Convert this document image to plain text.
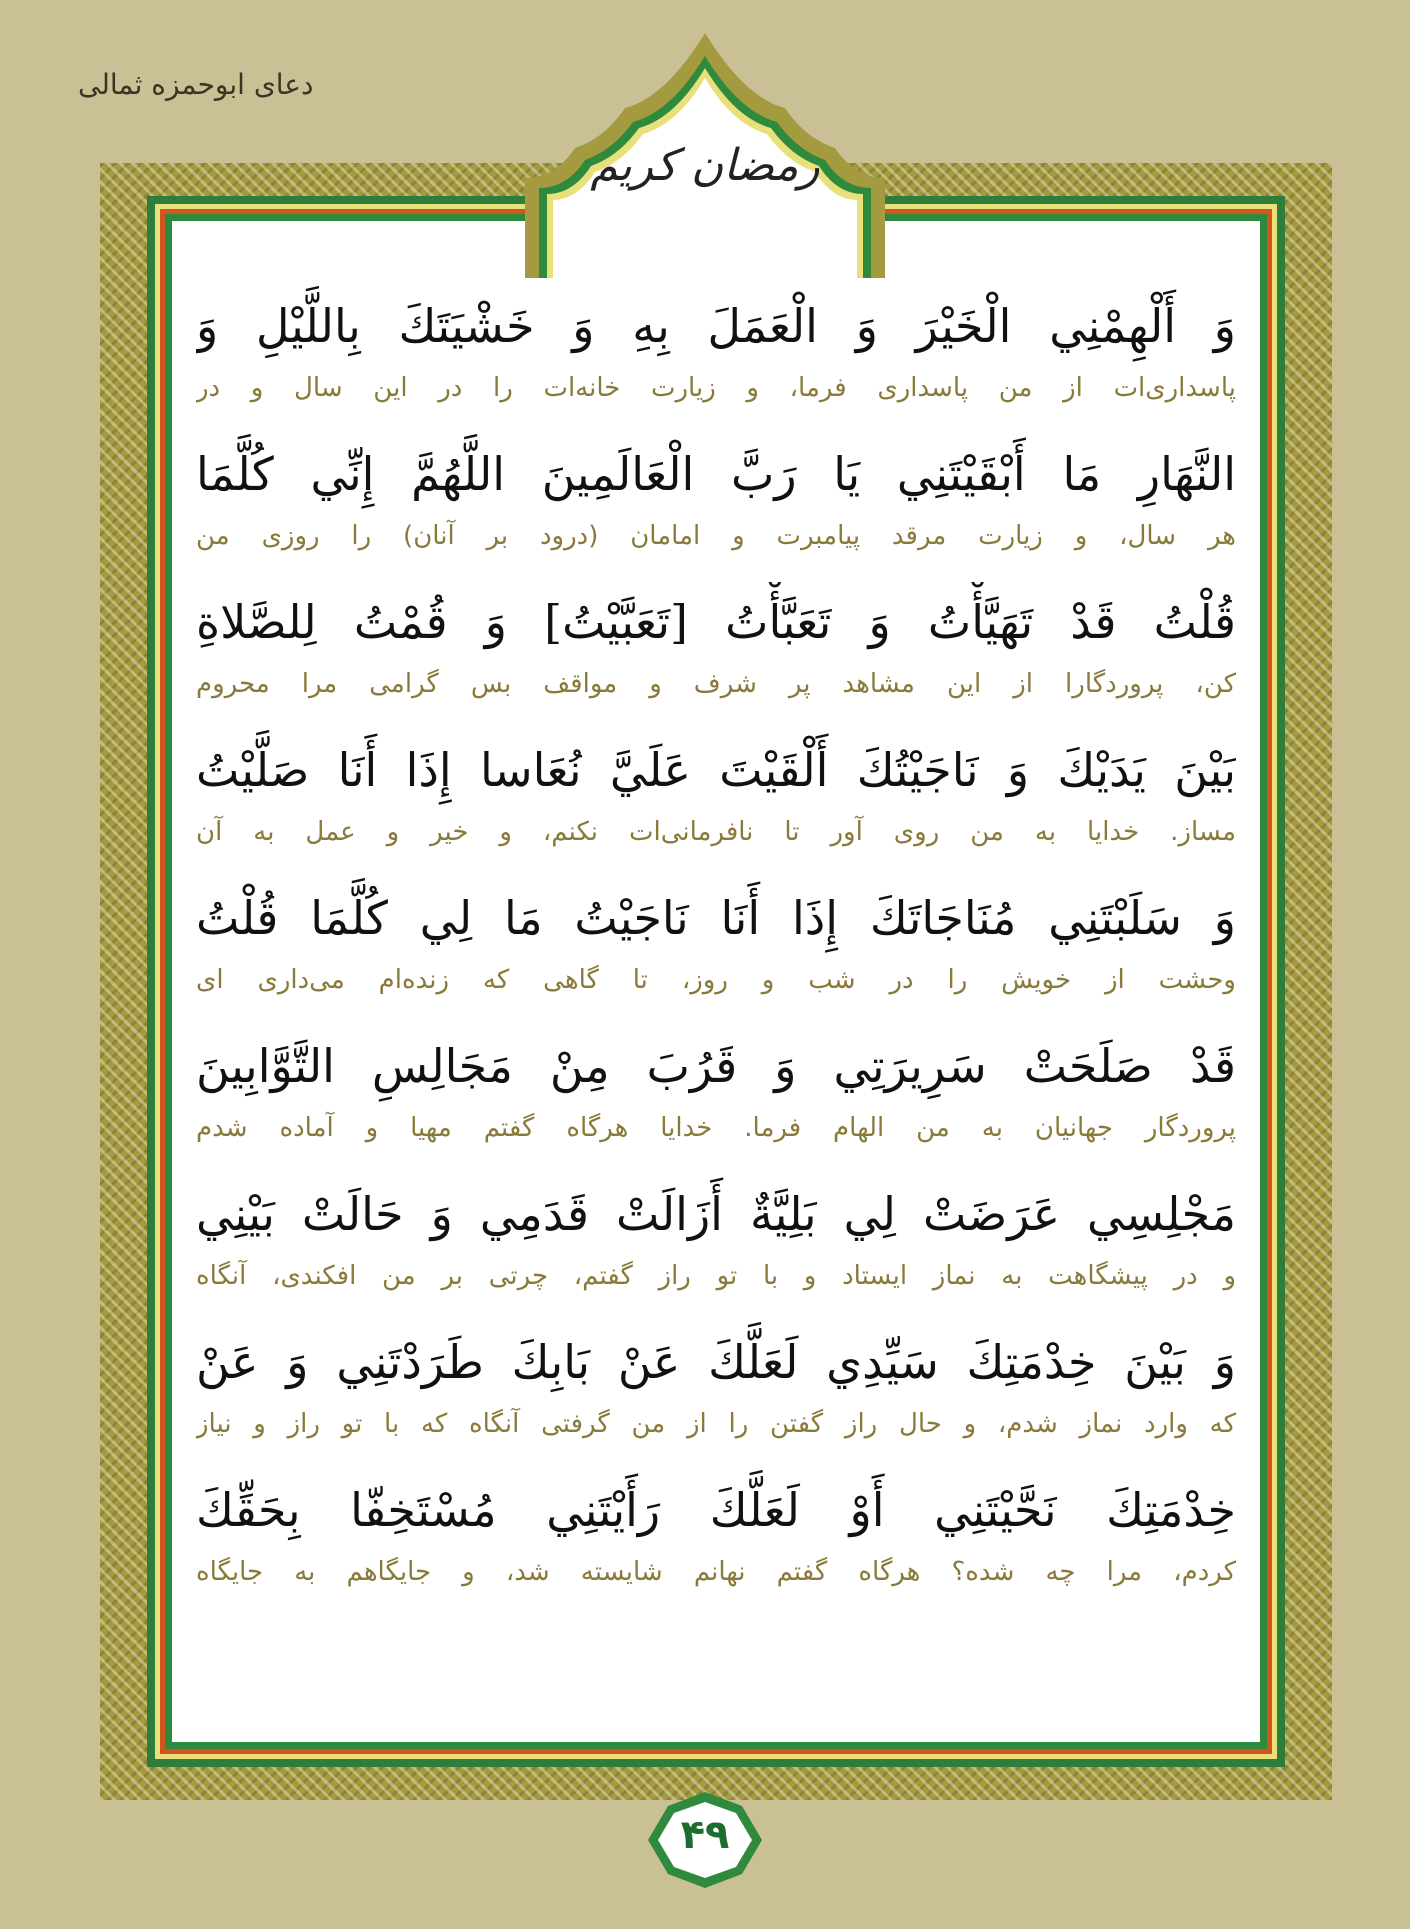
دعای ابوحمزه ثمالی
رمضان کریم
۴۹
وَ أَلْهِمْنِي الْخَيْرَ وَ الْعَمَلَ بِهِ وَ خَشْيَتَكَ بِاللَّيْلِ وَ
پاسداری‌ات از من پاسداری فرما، و زیارت خانه‌ات را در این سال و در
النَّهَارِ مَا أَبْقَيْتَنِي يَا رَبَّ الْعَالَمِينَ اللَّهُمَّ إِنِّي كُلَّمَا
هر سال، و زیارت مرقد پیامبرت و امامان (درود بر آنان) را روزی من
قُلْتُ قَدْ تَهَيَّأْتُ وَ تَعَبَّأْتُ [تَعَبَّيْتُ] وَ قُمْتُ لِلصَّلاةِ
کن، پروردگارا از این مشاهد پر شرف و مواقف بس گرامی مرا محروم
بَيْنَ يَدَيْكَ وَ نَاجَيْتُكَ أَلْقَيْتَ عَلَيَّ نُعَاسا إِذَا أَنَا صَلَّيْتُ
مساز. خدایا به من روی آور تا نافرمانی‌ات نکنم، و خیر و عمل به آن
وَ سَلَبْتَنِي مُنَاجَاتَكَ إِذَا أَنَا نَاجَيْتُ مَا لِي كُلَّمَا قُلْتُ
وحشت از خویش را در شب و روز، تا گاهی که زنده‌ام می‌داری ای
قَدْ صَلَحَتْ سَرِيرَتِي وَ قَرُبَ مِنْ مَجَالِسِ التَّوَّابِينَ
پروردگار جهانیان به من الهام فرما. خدایا هرگاه گفتم مهیا و آماده شدم
مَجْلِسِي عَرَضَتْ لِي بَلِيَّةٌ أَزَالَتْ قَدَمِي وَ حَالَتْ بَيْنِي
و در پیشگاهت به نماز ایستاد و با تو راز گفتم، چرتی بر من افکندی، آنگاه
وَ بَيْنَ خِدْمَتِكَ سَيِّدِي لَعَلَّكَ عَنْ بَابِكَ طَرَدْتَنِي وَ عَنْ
که وارد نماز شدم، و حال راز گفتن را از من گرفتی آنگاه که با تو راز و نیاز
خِدْمَتِكَ نَحَّيْتَنِي أَوْ لَعَلَّكَ رَأَيْتَنِي مُسْتَخِفّا بِحَقِّكَ
کردم، مرا چه شده؟ هرگاه گفتم نهانم شایسته شد، و جایگاهم به جایگاه
